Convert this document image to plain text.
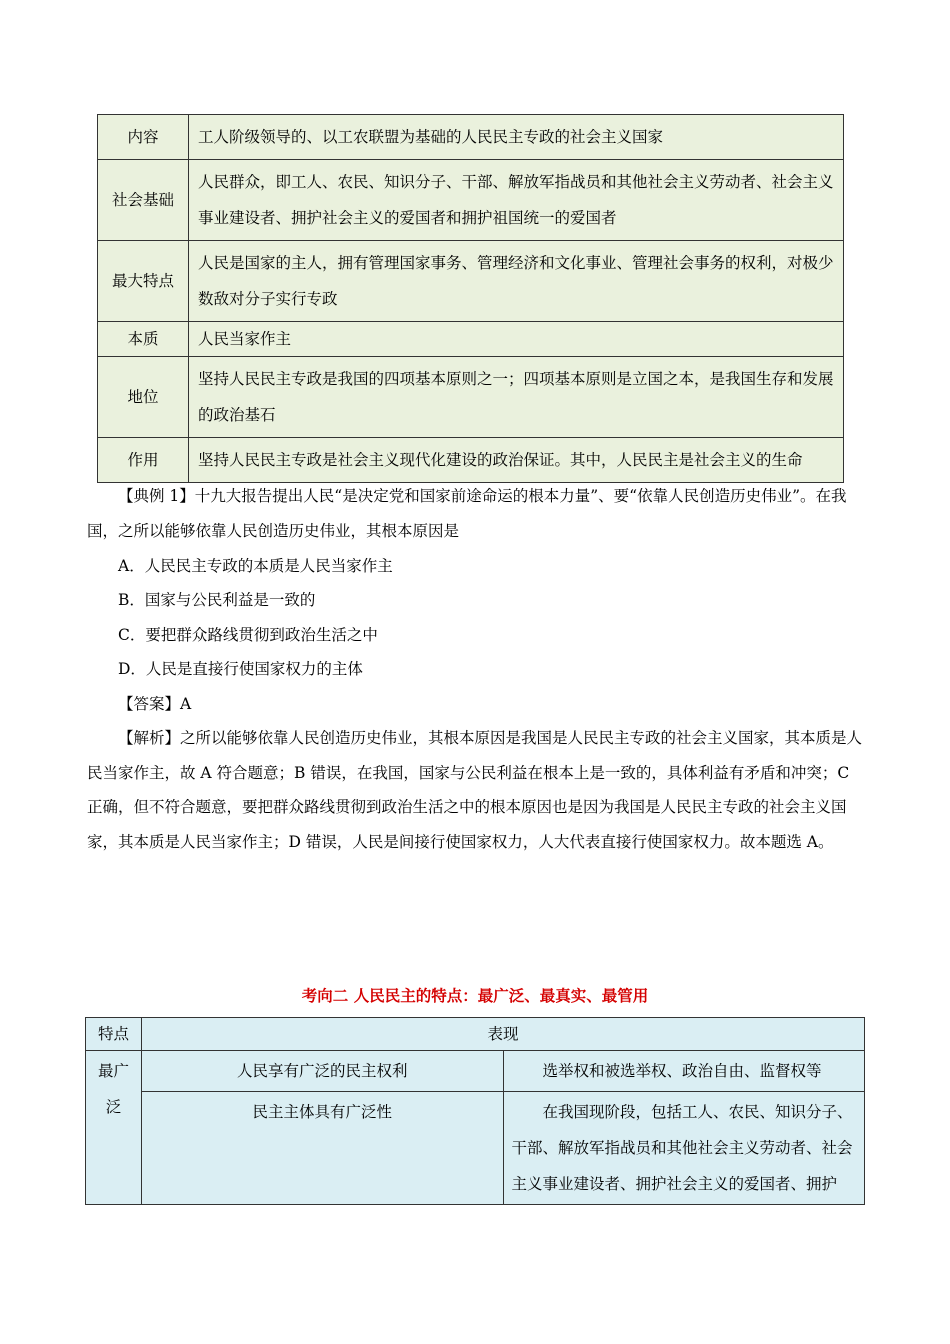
内容	工人阶级领导的、以工农联盟为基础的人民民主专政的社会主义国家
社会基础	人民群众，即工人、农民、知识分子、干部、解放军指战员和其他社会主义劳动者、社会主义事业建设者、拥护社会主义的爱国者和拥护祖国统一的爱国者
最大特点	人民是国家的主人，拥有管理国家事务、管理经济和文化事业、管理社会事务的权利，对极少数敌对分子实行专政
本质	人民当家作主
地位	坚持人民民主专政是我国的四项基本原则之一；四项基本原则是立国之本，是我国生存和发展的政治基石
作用	坚持人民民主专政是社会主义现代化建设的政治保证。其中，人民民主是社会主义的生命
【典例 1】十九大报告提出人民“是决定党和国家前途命运的根本力量”、要“依靠人民创造历史伟业”。在我国，之所以能够依靠人民创造历史伟业，其根本原因是
A．人民民主专政的本质是人民当家作主
B．国家与公民利益是一致的
C．要把群众路线贯彻到政治生活之中
D．人民是直接行使国家权力的主体
【答案】A
【解析】之所以能够依靠人民创造历史伟业，其根本原因是我国是人民民主专政的社会主义国家，其本质是人民当家作主，故 A 符合题意；B 错误，在我国，国家与公民利益在根本上是一致的，具体利益有矛盾和冲突；C 正确，但不符合题意，要把群众路线贯彻到政治生活之中的根本原因也是因为我国是人民民主专政的社会主义国家，其本质是人民当家作主；D 错误，人民是间接行使国家权力，人大代表直接行使国家权力。故本题选 A。
考向二 人民民主的特点：最广泛、最真实、最管用
特点	表现	
最广泛	人民享有广泛的民主权利	选举权和被选举权、政治自由、监督权等
	民主主体具有广泛性	在我国现阶段，包括工人、农民、知识分子、干部、解放军指战员和其他社会主义劳动者、社会主义事业建设者、拥护社会主义的爱国者、拥护
